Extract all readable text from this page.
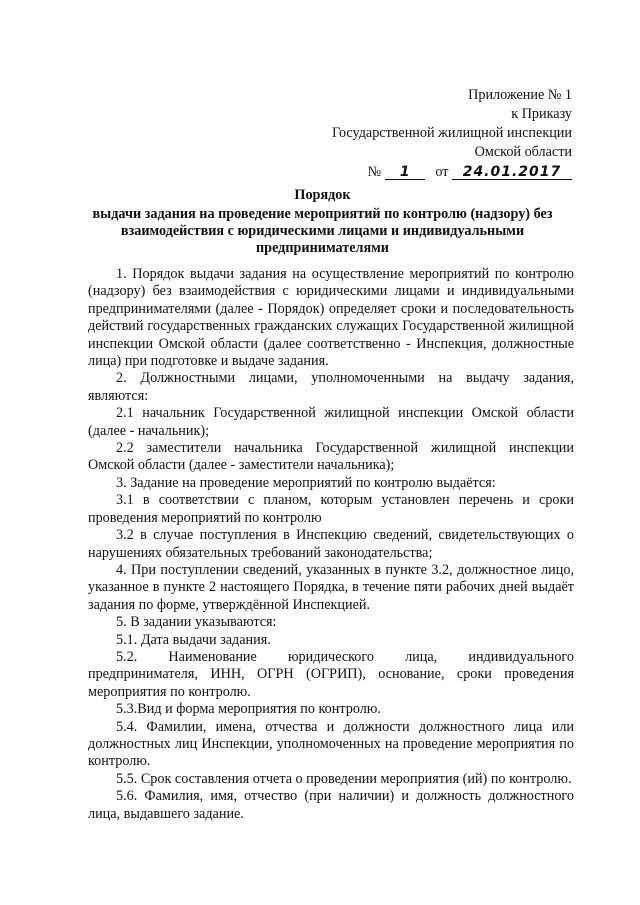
Приложение № 1
к Приказу
Государственной жилищной инспекции
Омской области
№ 1 от 24.01.2017
Порядок
выдачи задания на проведение мероприятий по контролю (надзору) без взаимодействия с юридическими лицами и индивидуальными предпринимателями

1. Порядок выдачи задания на осуществление мероприятий по контролю (надзору) без взаимодействия с юридическими лицами и индивидуальными предпринимателями (далее - Порядок) определяет сроки и последовательность действий государственных гражданских служащих Государственной жилищной инспекции Омской области (далее соответственно - Инспекция, должностные лица) при подготовке и выдаче задания.

2. Должностными лицами, уполномоченными на выдачу задания, являются:

2.1 начальник Государственной жилищной инспекции Омской области (далее - начальник);

2.2 заместители начальника Государственной жилищной инспекции Омской области (далее - заместители начальника);

3. Задание на проведение мероприятий по контролю выдаётся:

3.1 в соответствии с планом, которым установлен перечень и сроки проведения мероприятий по контролю

3.2 в случае поступления в Инспекцию сведений, свидетельствующих о нарушениях обязательных требований законодательства;

4. При поступлении сведений, указанных в пункте 3.2, должностное лицо, указанное в пункте 2 настоящего Порядка, в течение пяти рабочих дней выдаёт задания по форме, утверждённой Инспекцией.

5. В задании указываются:

5.1. Дата выдачи задания.

5.2. Наименование юридического лица, индивидуального предпринимателя, ИНН, ОГРН (ОГРИП), основание, сроки проведения мероприятия по контролю.

5.3.Вид и форма мероприятия по контролю.

5.4. Фамилии, имена, отчества и должности должностного лица или должностных лиц Инспекции, уполномоченных на проведение мероприятия по контролю.

5.5. Срок составления отчета о проведении мероприятия (ий) по контролю.

5.6. Фамилия, имя, отчество (при наличии) и должность должностного лица, выдавшего задание.
